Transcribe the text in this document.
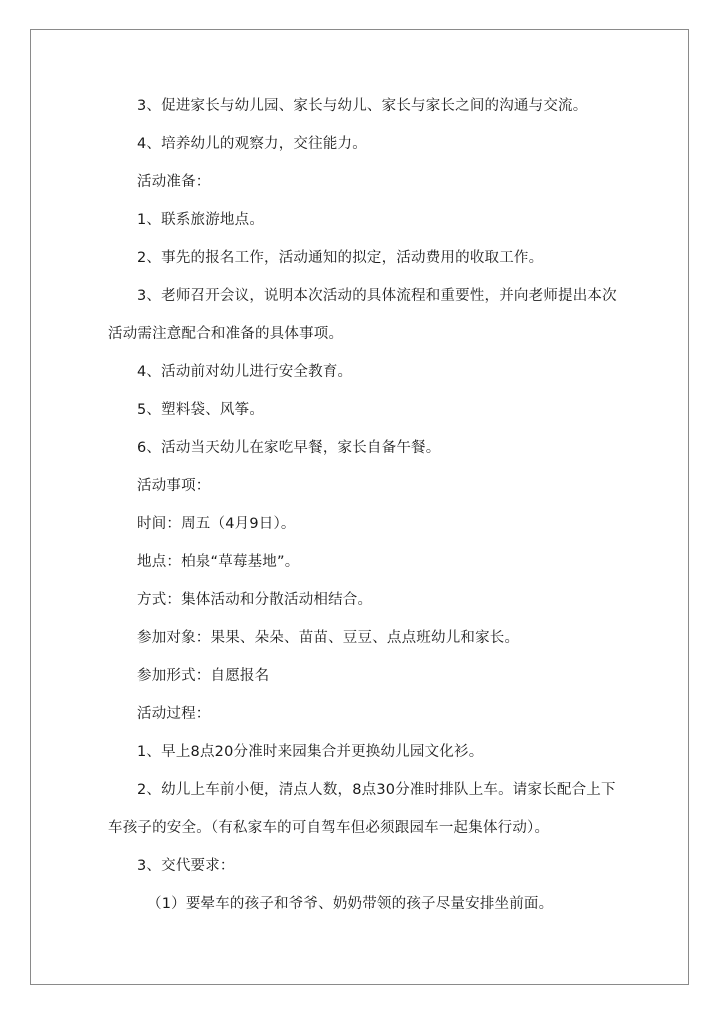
3、促进家长与幼儿园、家长与幼儿、家长与家长之间的沟通与交流。
4、培养幼儿的观察力，交往能力。
活动准备：
1、联系旅游地点。
2、事先的报名工作，活动通知的拟定，活动费用的收取工作。
3、老师召开会议，说明本次活动的具体流程和重要性，并向老师提出本次
活动需注意配合和准备的具体事项。
4、活动前对幼儿进行安全教育。
5、塑料袋、风筝。
6、活动当天幼儿在家吃早餐，家长自备午餐。
活动事项：
时间：周五（4月9日）。
地点：柏泉“草莓基地”。
方式：集体活动和分散活动相结合。
参加对象：果果、朵朵、苗苗、豆豆、点点班幼儿和家长。
参加形式：自愿报名
活动过程：
1、早上8点20分准时来园集合并更换幼儿园文化衫。
2、幼儿上车前小便，清点人数，8点30分准时排队上车。请家长配合上下
车孩子的安全。（有私家车的可自驾车但必须跟园车一起集体行动）。
3、交代要求：
（1）要晕车的孩子和爷爷、奶奶带领的孩子尽量安排坐前面。
